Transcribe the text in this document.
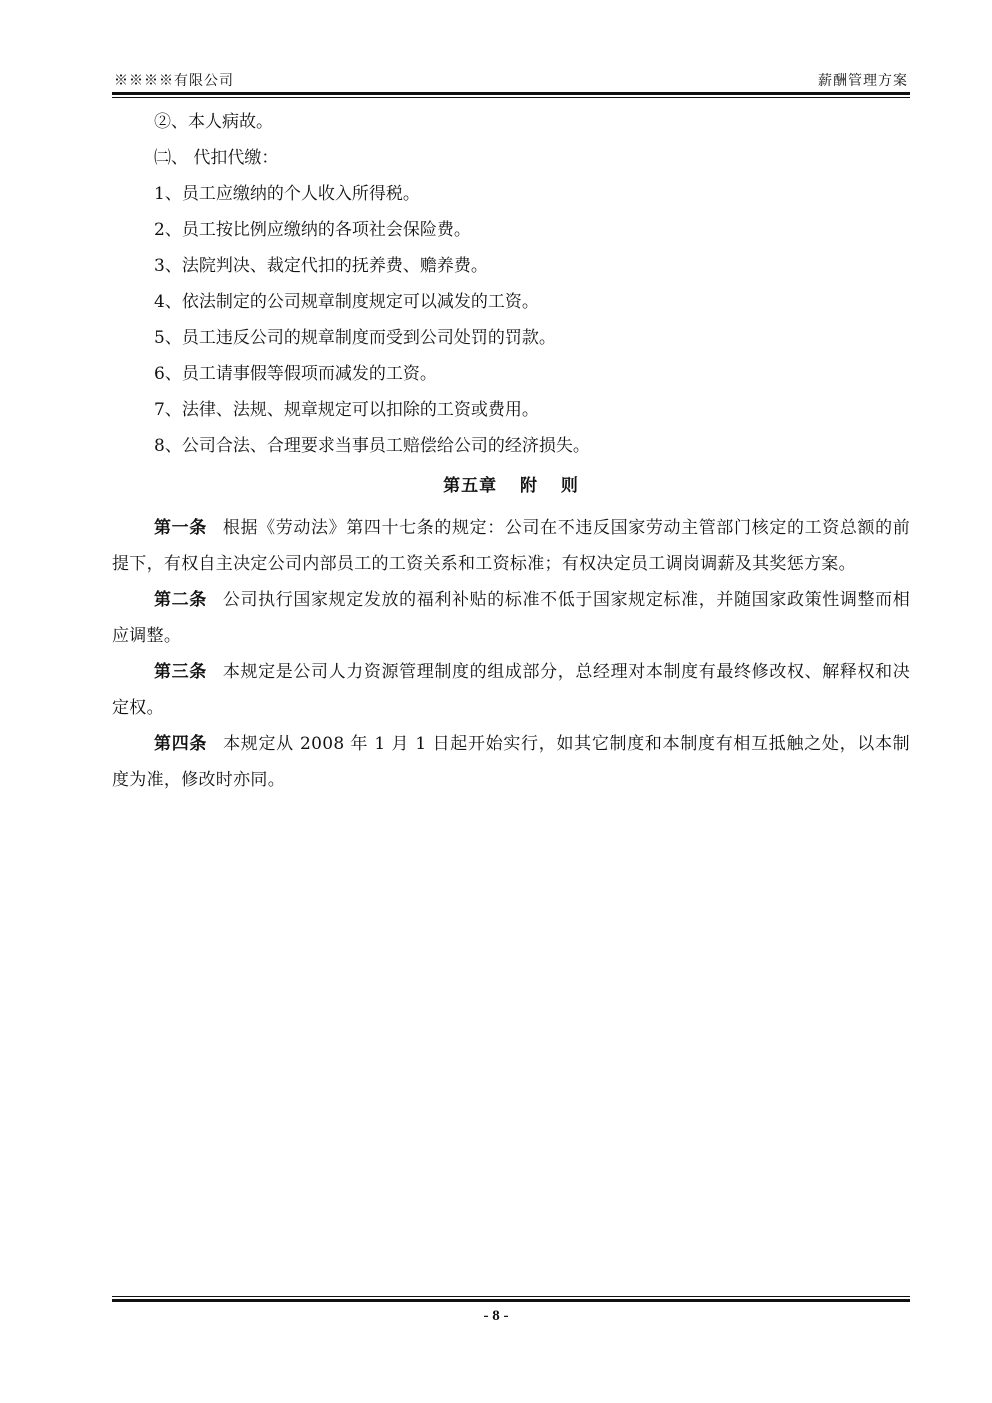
※※※※有限公司	薪酬管理方案
②、本人病故。
㈡、 代扣代缴：
1、员工应缴纳的个人收入所得税。
2、员工按比例应缴纳的各项社会保险费。
3、法院判决、裁定代扣的抚养费、赡养费。
4、依法制定的公司规章制度规定可以减发的工资。
5、员工违反公司的规章制度而受到公司处罚的罚款。
6、员工请事假等假项而减发的工资。
7、法律、法规、规章规定可以扣除的工资或费用。
8、公司合法、合理要求当事员工赔偿给公司的经济损失。
第五章 附 则
第一条 根据《劳动法》第四十七条的规定：公司在不违反国家劳动主管部门核定的工资总额的前提下，有权自主决定公司内部员工的工资关系和工资标准；有权决定员工调岗调薪及其奖惩方案。
第二条 公司执行国家规定发放的福利补贴的标准不低于国家规定标准，并随国家政策性调整而相应调整。
第三条 本规定是公司人力资源管理制度的组成部分，总经理对本制度有最终修改权、解释权和决定权。
第四条 本规定从 2008 年 1 月 1 日起开始实行，如其它制度和本制度有相互抵触之处，以本制度为准，修改时亦同。
- 8 -
